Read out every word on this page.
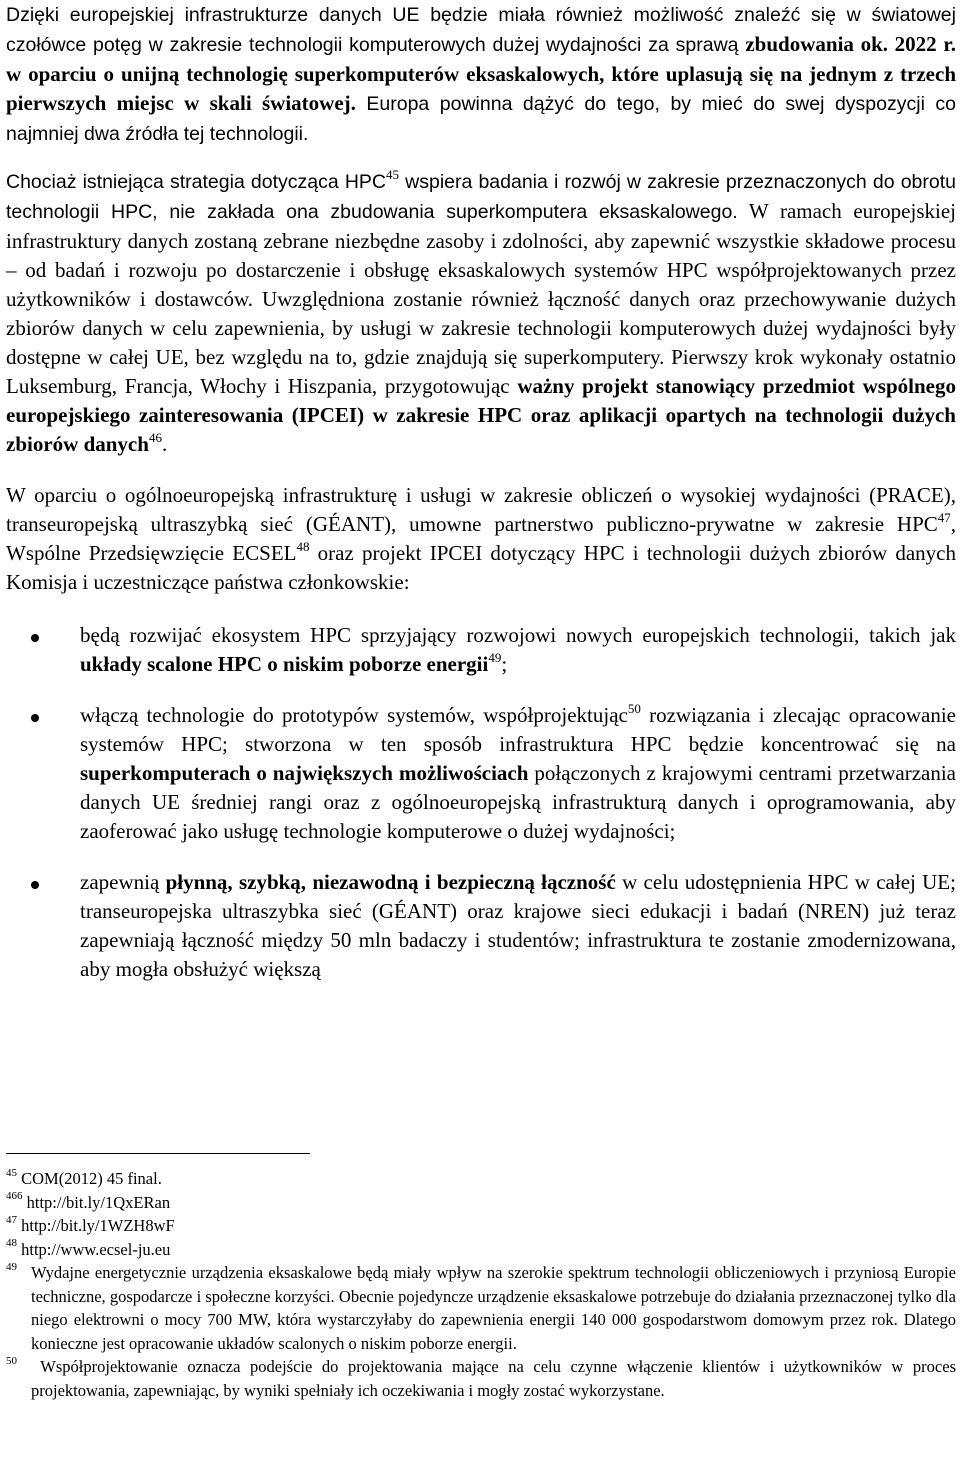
Dzięki europejskiej infrastrukturze danych UE będzie miała również możliwość znaleźć się w światowej czołówce potęg w zakresie technologii komputerowych dużej wydajności za sprawą zbudowania ok. 2022 r. w oparciu o unijną technologię superkomputerów eksaskalowych, które uplasują się na jednym z trzech pierwszych miejsc w skali światowej. Europa powinna dążyć do tego, by mieć do swej dyspozycji co najmniej dwa źródła tej technologii.

Chociaż istniejąca strategia dotycząca HPC$^{45}$ wspiera badania i rozwój w zakresie przeznaczonych do obrotu technologii HPC, nie zakłada ona zbudowania superkomputera eksaskalowego. W ramach europejskiej infrastruktury danych zostaną zebrane niezbędne zasoby i zdolności, aby zapewnić wszystkie składowe procesu – od badań i rozwoju po dostarczenie i obsługę eksaskalowych systemów HPC współprojektowanych przez użytkowników i dostawców. Uwzględniona zostanie również łączność danych oraz przechowywanie dużych zbiorów danych w celu zapewnienia, by usługi w zakresie technologii komputerowych dużej wydajności były dostępne w całej UE, bez względu na to, gdzie znajdują się superkomputery. Pierwszy krok wykonały ostatnio Luksemburg, Francja, Włochy i Hiszpania, przygotowując ważny projekt stanowiący przedmiot wspólnego europejskiego zainteresowania (IPCEI) w zakresie HPC oraz aplikacji opartych na technologii dużych zbiorów danych$^{46}$.

W oparciu o ogólnoeuropejską infrastrukturę i usługi w zakresie obliczeń o wysokiej wydajności (PRACE), transeuropejską ultraszybką sieć (GÉANT), umowne partnerstwo publiczno-prywatne w zakresie HPC$^{47}$, Wspólne Przedsięwzięcie ECSEL$^{48}$ oraz projekt IPCEI dotyczący HPC i technologii dużych zbiorów danych Komisja i uczestniczące państwa członkowskie:

będą rozwijać ekosystem HPC sprzyjający rozwojowi nowych europejskich technologii, takich jak układy scalone HPC o niskim poborze energii$^{49}$;
włączą technologie do prototypów systemów, współprojektując$^{50}$ rozwiązania i zlecając opracowanie systemów HPC; stworzona w ten sposób infrastruktura HPC będzie koncentrować się na superkomputerach o największych możliwościach połączonych z krajowymi centrami przetwarzania danych UE średniej rangi oraz z ogólnoeuropejską infrastrukturą danych i oprogramowania, aby zaoferować jako usługę technologie komputerowe o dużej wydajności;
zapewnią płynną, szybką, niezawodną i bezpieczną łączność w celu udostępnienia HPC w całej UE; transeuropejska ultraszybka sieć (GÉANT) oraz krajowe sieci edukacji i badań (NREN) już teraz zapewniają łączność między 50 mln badaczy i studentów; infrastruktura te zostanie zmodernizowana, aby mogła obsłużyć większą

$^{45}$ COM(2012) 45 final.

$^{466}$ http://bit.ly/1QxERan

$^{47}$ http://bit.ly/1WZH8wF

$^{48}$ http://www.ecsel-ju.eu

$^{49}$ Wydajne energetycznie urządzenia eksaskalowe będą miały wpływ na szerokie spektrum technologii obliczeniowych i przyniosą Europie techniczne, gospodarcze i społeczne korzyści. Obecnie pojedyncze urządzenie eksaskalowe potrzebuje do działania przeznaczonej tylko dla niego elektrowni o mocy 700 MW, która wystarczyłaby do zapewnienia energii 140 000 gospodarstwom domowym przez rok. Dlatego konieczne jest opracowanie układów scalonych o niskim poborze energii.

$^{50}$ Współprojektowanie oznacza podejście do projektowania mające na celu czynne włączenie klientów i użytkowników w proces projektowania, zapewniając, by wyniki spełniały ich oczekiwania i mogły zostać wykorzystane.
